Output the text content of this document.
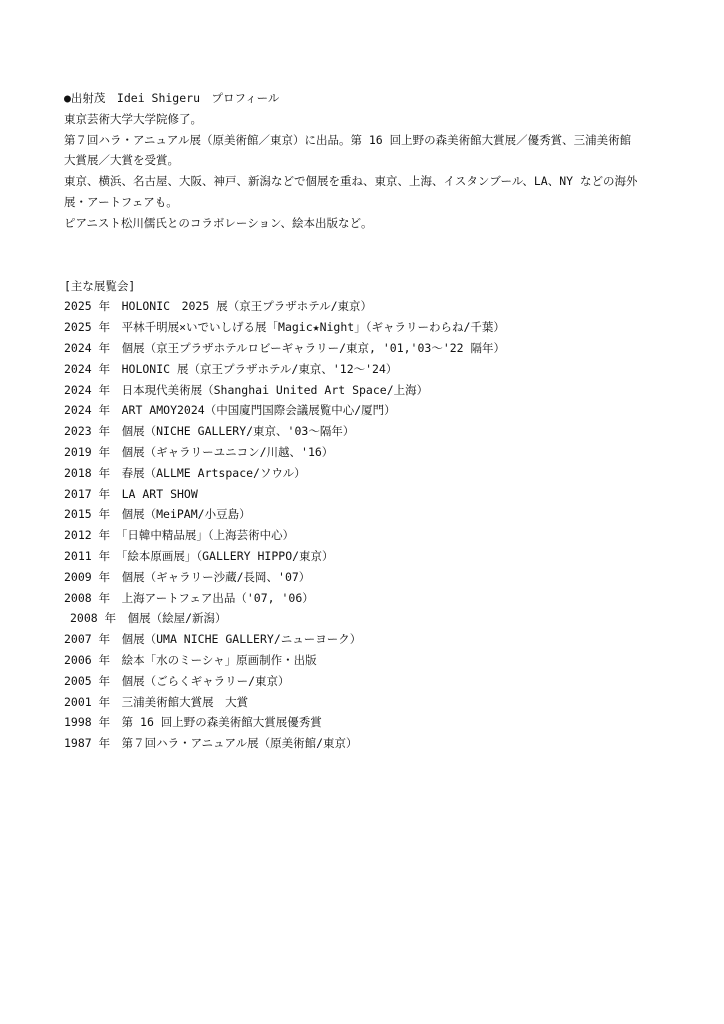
●出射茂　Idei Shigeru　プロフィール
東京芸術大学大学院修了。
第７回ハラ・アニュアル展（原美術館／東京）に出品。第 16 回上野の森美術館大賞展／優秀賞、三浦美術館
大賞展／大賞を受賞。
東京、横浜、名古屋、大阪、神戸、新潟などで個展を重ね、東京、上海、イスタンブール、LA、NY などの海外
展・アートフェアも。
ピアニスト松川儒氏とのコラボレーション、絵本出版など。
[主な展覧会]
2025 年　HOLONIC　2025 展（京王プラザホテル/東京）
2025 年　平林千明展×いでいしげる展「Magic★Night」（ギャラリーわらね/千葉）
2024 年　個展（京王プラザホテルロビーギャラリー/東京, '01,'03～'22 隔年）
2024 年　HOLONIC 展（京王プラザホテル/東京、'12～'24）
2024 年　日本現代美術展（Shanghai United Art Space/上海）
2024 年　ART AMOY2024（中国廈門国際会議展覧中心/厦門）
2023 年　個展（NICHE GALLERY/東京、'03～隔年）
2019 年　個展（ギャラリーユニコン/川越、'16）
2018 年　春展（ALLME Artspace/ソウル）
2017 年　LA ART SHOW
2015 年　個展（MeiPAM/小豆島）
2012 年　「日韓中精品展」（上海芸術中心）
2011 年　「絵本原画展」（GALLERY HIPPO/東京）
2009 年　個展（ギャラリー沙蔵/長岡、'07）
2008 年　上海アートフェア出品（'07, '06）
2008 年　個展（絵屋/新潟）
2007 年　個展（UMA NICHE GALLERY/ニューヨーク）
2006 年　絵本「水のミーシャ」原画制作・出版
2005 年　個展（ごらくギャラリー/東京）
2001 年　三浦美術館大賞展　大賞
1998 年　第 16 回上野の森美術館大賞展優秀賞
1987 年　第７回ハラ・アニュアル展（原美術館/東京）
